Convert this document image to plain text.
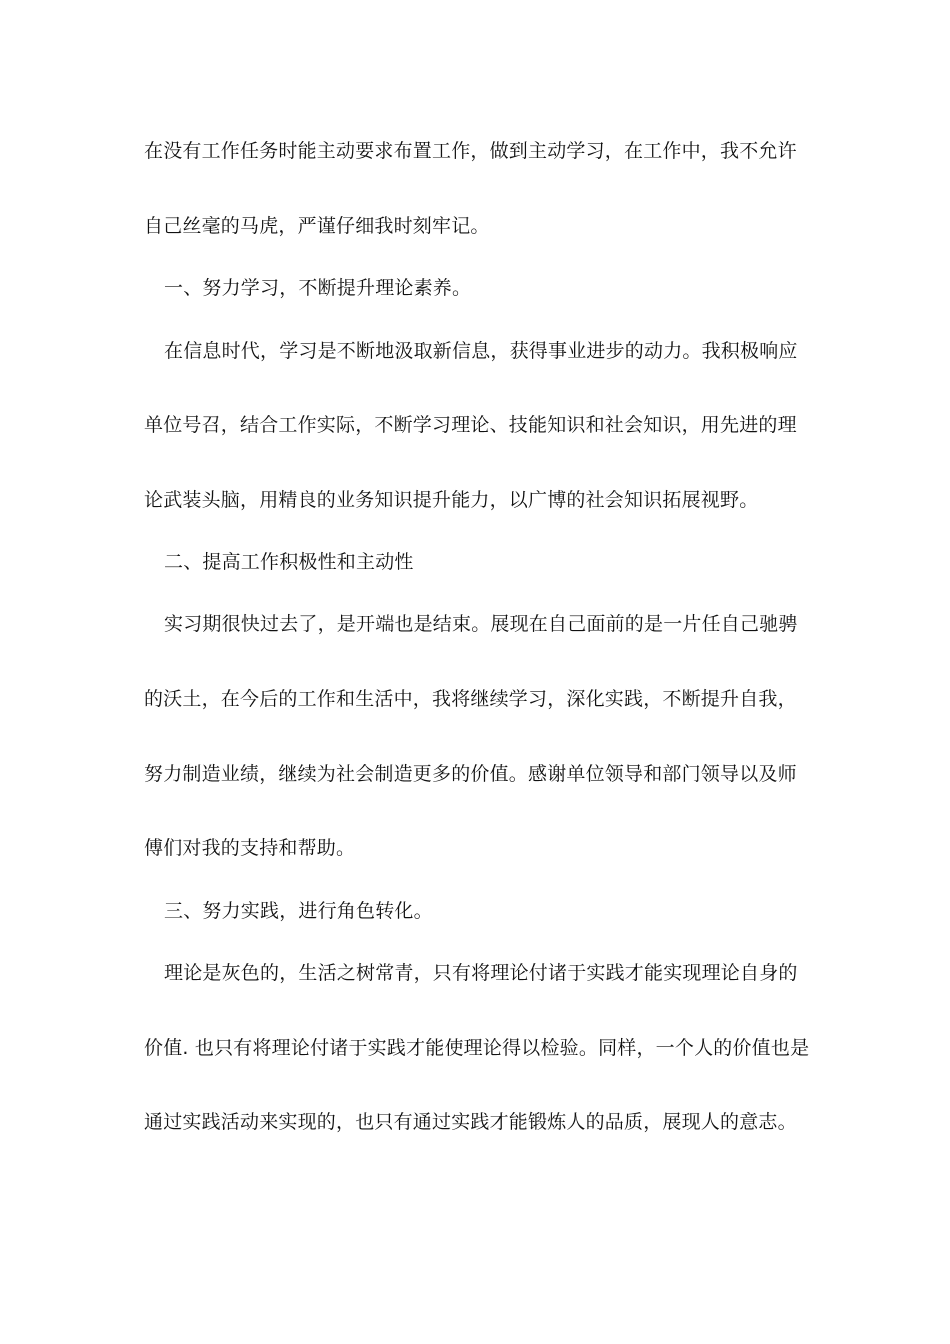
在没有工作任务时能主动要求布置工作，做到主动学习，在工作中，我不允许
自己丝毫的马虎，严谨仔细我时刻牢记。
一、努力学习，不断提升理论素养。
在信息时代，学习是不断地汲取新信息，获得事业进步的动力。我积极响应
单位号召，结合工作实际，不断学习理论、技能知识和社会知识，用先进的理
论武装头脑，用精良的业务知识提升能力，以广博的社会知识拓展视野。
二、提高工作积极性和主动性
实习期很快过去了，是开端也是结束。展现在自己面前的是一片任自己驰骋
的沃土，在今后的工作和生活中，我将继续学习，深化实践，不断提升自我，
努力制造业绩，继续为社会制造更多的价值。感谢单位领导和部门领导以及师
傅们对我的支持和帮助。
三、努力实践，进行角色转化。
理论是灰色的，生活之树常青，只有将理论付诸于实践才能实现理论自身的
价值. 也只有将理论付诸于实践才能使理论得以检验。同样，一个人的价值也是
通过实践活动来实现的，也只有通过实践才能锻炼人的品质，展现人的意志。
